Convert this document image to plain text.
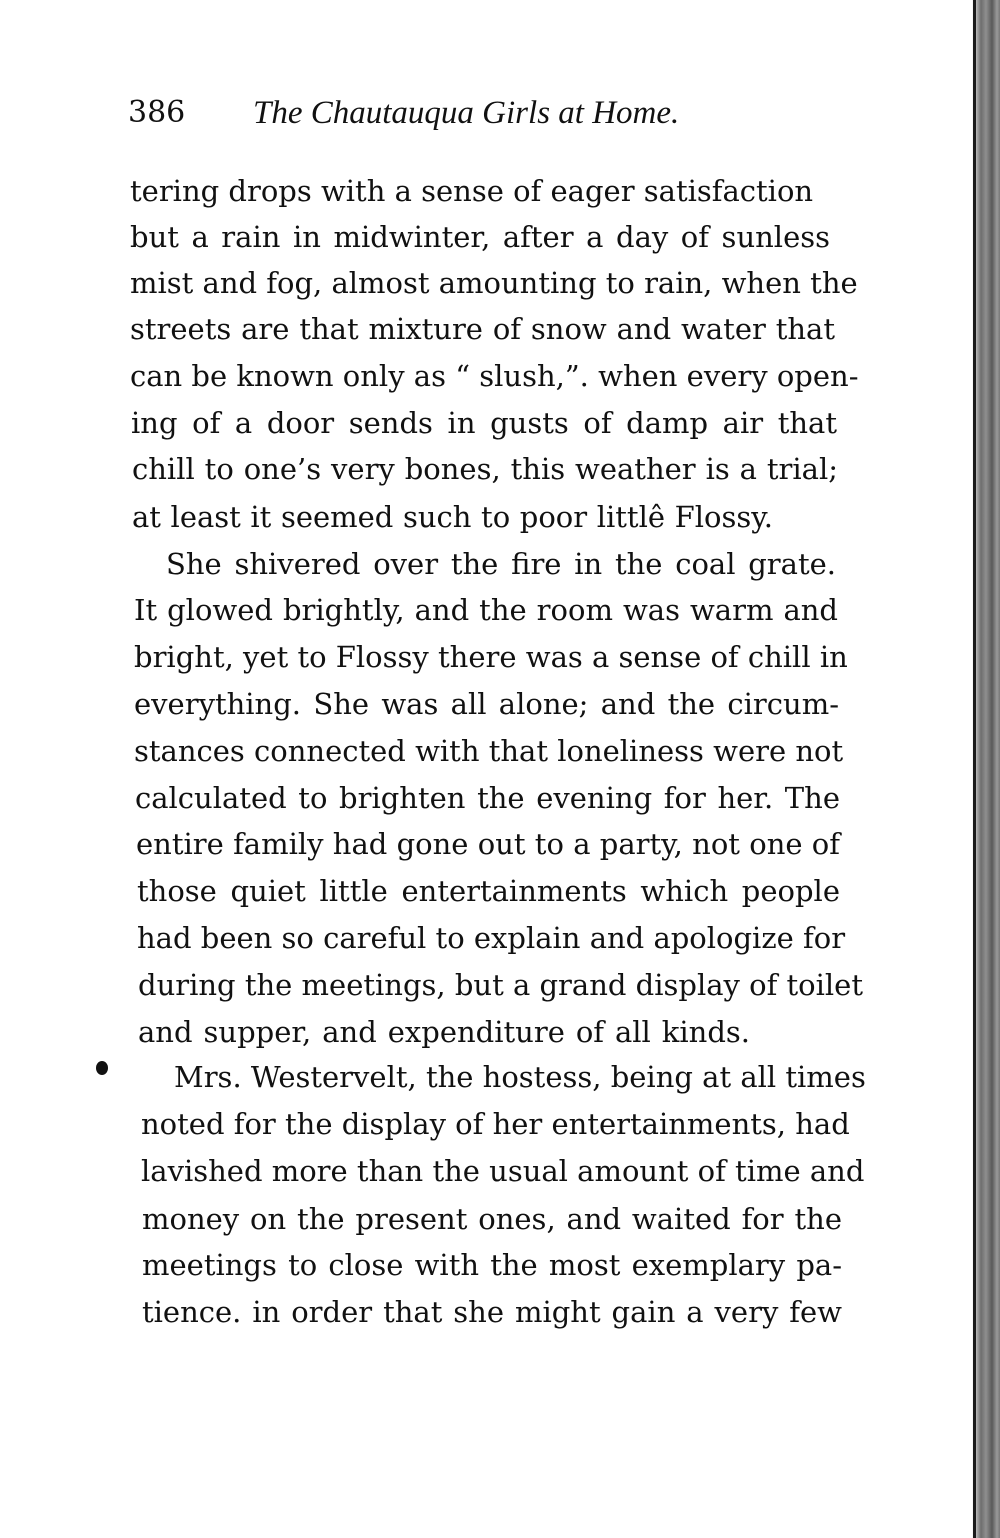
386 The Chautauqua Girls at Home.
tering drops with a sense of eager satisfaction
but a rain in midwinter, after a day of sunless
mist and fog, almost amounting to rain, when the
streets are that mixture of snow and water that
can be known only as “ slush,”. when every open-
ing of a door sends in gusts of damp air that
chill to one’s very bones, this weather is a trial;
at least it seemed such to poor littlê Flossy.
She shivered over the fire in the coal grate.
It glowed brightly, and the room was warm and
bright, yet to Flossy there was a sense of chill in
everything. She was all alone; and the circum-
stances connected with that loneliness were not
calculated to brighten the evening for her. The
entire family had gone out to a party, not one of
those quiet little entertainments which people
had been so careful to explain and apologize for
during the meetings, but a grand display of toilet
and supper, and expenditure of all kinds.
Mrs. Westervelt, the hostess, being at all times
noted for the display of her entertainments, had
lavished more than the usual amount of time and
money on the present ones, and waited for the
meetings to close with the most exemplary pa-
tience. in order that she might gain a very few
